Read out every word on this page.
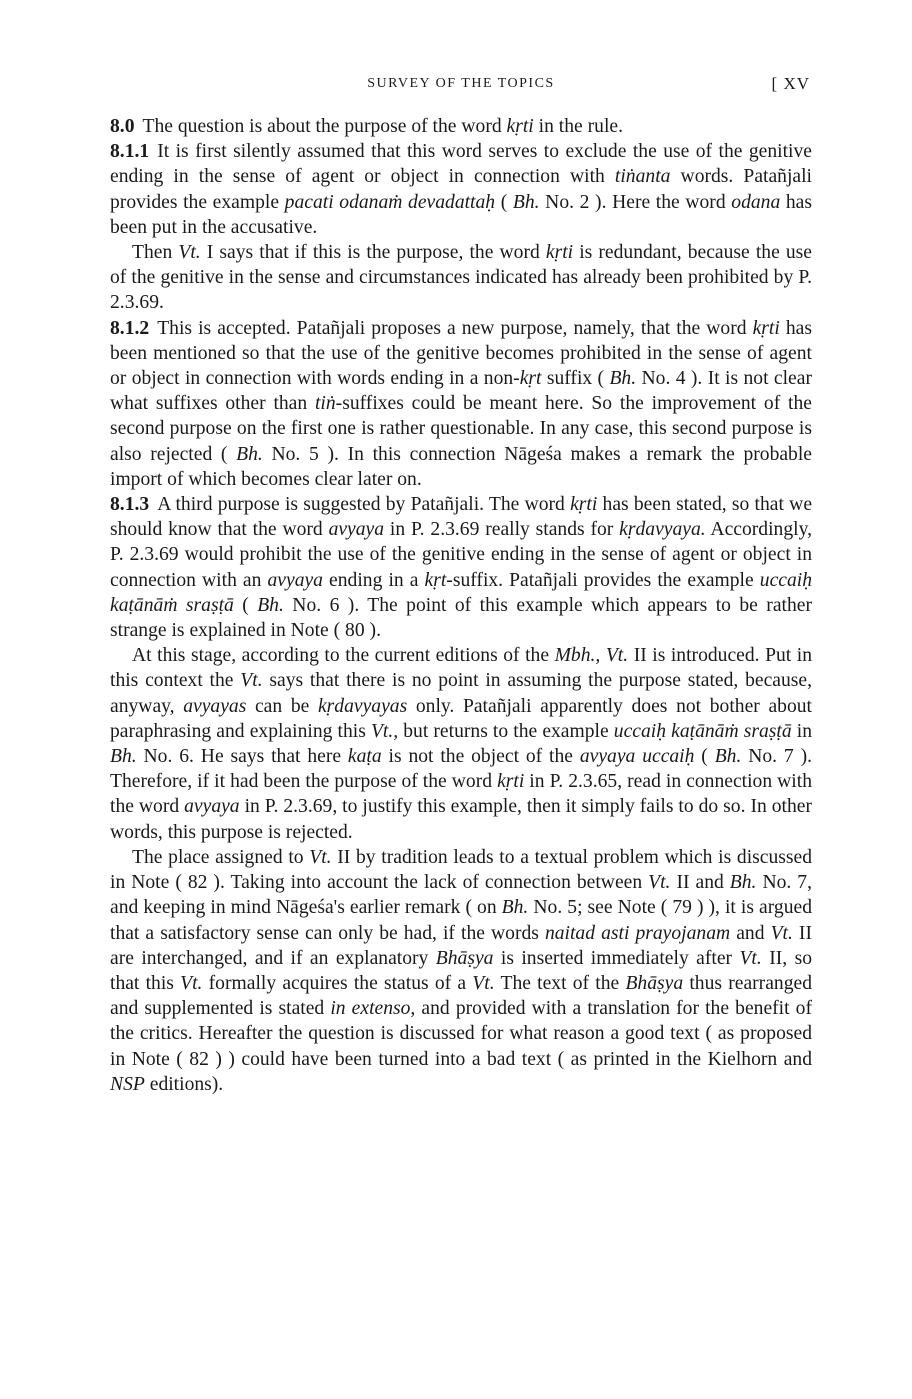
SURVEY OF THE TOPICS	[ XV

8.0 The question is about the purpose of the word kṛti in the rule.

8.1.1 It is first silently assumed that this word serves to exclude the use of the genitive ending in the sense of agent or object in connection with tiṅanta words. Patañjali provides the example pacati odanaṁ devadattaḥ ( Bh. No. 2 ). Here the word odana has been put in the accusative.

Then Vt. I says that if this is the purpose, the word kṛti is redundant, because the use of the genitive in the sense and circumstances indicated has already been prohibited by P. 2.3.69.

8.1.2 This is accepted. Patañjali proposes a new purpose, namely, that the word kṛti has been mentioned so that the use of the genitive becomes prohibited in the sense of agent or object in connection with words ending in a non-kṛt suffix ( Bh. No. 4 ). It is not clear what suffixes other than tiṅ-suffixes could be meant here. So the improvement of the second purpose on the first one is rather questionable. In any case, this second purpose is also rejected ( Bh. No. 5 ). In this connection Nāgeśa makes a remark the probable import of which becomes clear later on.

8.1.3 A third purpose is suggested by Patañjali. The word kṛti has been stated, so that we should know that the word avyaya in P. 2.3.69 really stands for kṛdavyaya. Accordingly, P. 2.3.69 would prohibit the use of the genitive ending in the sense of agent or object in connection with an avyaya ending in a kṛt-suffix. Patañjali provides the example uccaiḥ kaṭānāṁ sraṣṭā ( Bh. No. 6 ). The point of this example which appears to be rather strange is explained in Note ( 80 ).

At this stage, according to the current editions of the Mbh., Vt. II is introduced. Put in this context the Vt. says that there is no point in assuming the purpose stated, because, anyway, avyayas can be kṛdavyayas only. Patañjali apparently does not bother about paraphrasing and explaining this Vt., but returns to the example uccaiḥ kaṭānāṁ sraṣṭā in Bh. No. 6. He says that here kaṭa is not the object of the avyaya uccaiḥ ( Bh. No. 7 ). Therefore, if it had been the purpose of the word kṛti in P. 2.3.65, read in connection with the word avyaya in P. 2.3.69, to justify this example, then it simply fails to do so. In other words, this purpose is rejected.

The place assigned to Vt. II by tradition leads to a textual problem which is discussed in Note ( 82 ). Taking into account the lack of connection between Vt. II and Bh. No. 7, and keeping in mind Nāgeśa's earlier remark ( on Bh. No. 5; see Note ( 79 ) ), it is argued that a satisfactory sense can only be had, if the words naitad asti prayojanam and Vt. II are interchanged, and if an explanatory Bhāṣya is inserted immediately after Vt. II, so that this Vt. formally acquires the status of a Vt. The text of the Bhāṣya thus rearranged and supplemented is stated in extenso, and provided with a translation for the benefit of the critics. Hereafter the question is discussed for what reason a good text ( as proposed in Note ( 82 ) ) could have been turned into a bad text ( as printed in the Kielhorn and NSP editions).
